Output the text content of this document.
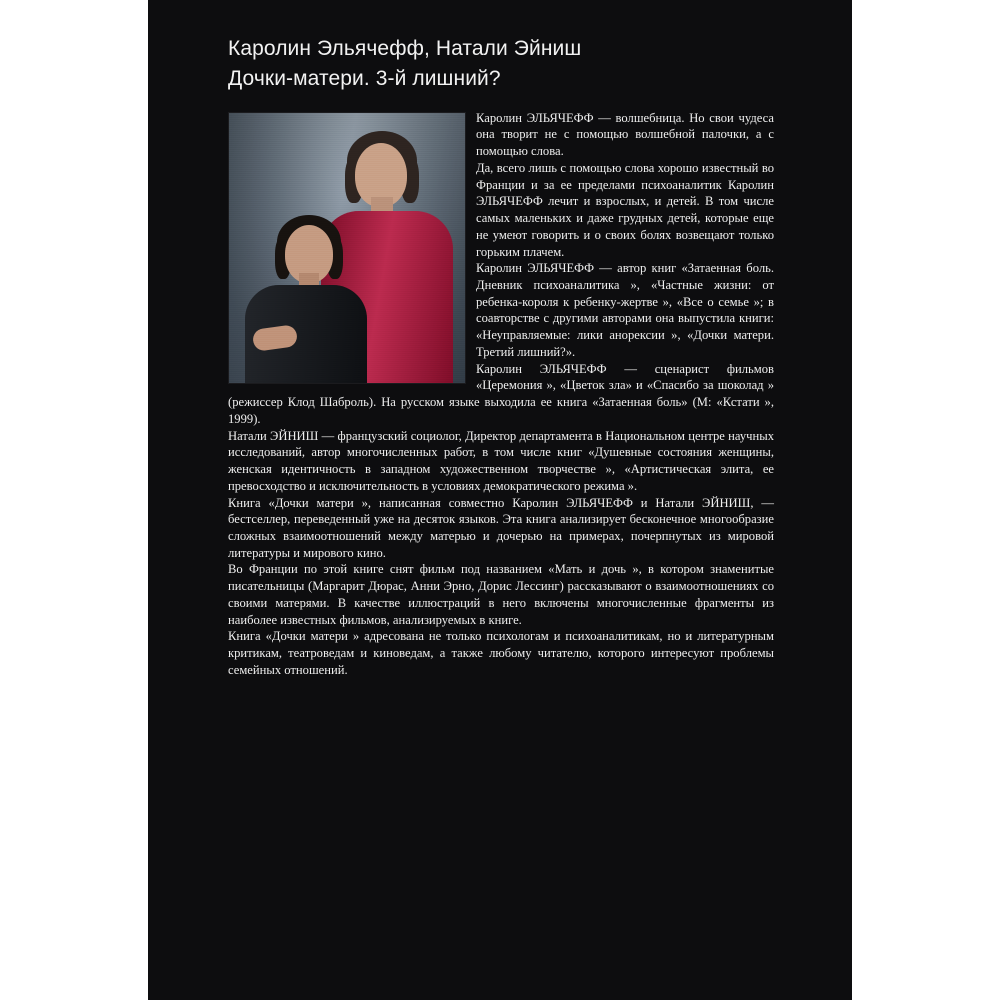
Каролин Эльячефф, Натали Эйниш
Дочки-матери. 3-й лишний?

Каролин ЭЛЬЯЧЕФФ — волшебница. Но свои чудеса она творит не с помощью волшебной палочки, а с помощью слова.

Да, всего лишь с помощью слова хорошо известный во Франции и за ее пределами психоаналитик Каролин ЭЛЬЯЧЕФФ лечит и взрослых, и детей. В том числе самых маленьких и даже грудных детей, которые еще не умеют говорить и о своих болях возвещают только горьким плачем.

Каролин ЭЛЬЯЧЕФФ — автор книг «Затаенная боль. Дневник психоаналитика », «Частные жизни: от ребенка-короля к ребенку-жертве », «Все о семье »; в соавторстве с другими авторами она выпустила книги: «Неуправляемые: лики анорексии », «Дочки матери. Третий лишний?».

Каролин ЭЛЬЯЧЕФФ — сценарист фильмов «Церемония », «Цветок зла» и «Спасибо за шоколад » (режиссер Клод Шаброль). На русском языке выходила ее книга «Затаенная боль» (М: «Кстати », 1999).

Натали ЭЙНИШ — французский социолог, Директор департамента в Национальном центре научных исследований, автор многочисленных работ, в том числе книг «Душевные состояния женщины, женская идентичность в западном художественном творчестве », «Артистическая элита, ее превосходство и исключительность в условиях демократического режима ».

Книга «Дочки матери », написанная совместно Каролин ЭЛЬЯЧЕФФ и Натали ЭЙНИШ, — бестселлер, переведенный уже на десяток языков. Эта книга анализирует бесконечное многообразие сложных взаимоотношений между матерью и дочерью на примерах, почерпнутых из мировой литературы и мирового кино.

Во Франции по этой книге снят фильм под названием «Мать и дочь », в котором знаменитые писательницы (Маргарит Дюрас, Анни Эрно, Дорис Лессинг) рассказывают о взаимоотношениях со своими матерями. В качестве иллюстраций в него включены многочисленные фрагменты из наиболее известных фильмов, анализируемых в книге.

Книга «Дочки матери » адресована не только психологам и психоаналитикам, но и литературным критикам, театроведам и киноведам, а также любому читателю, которого интересуют проблемы семейных отношений.
